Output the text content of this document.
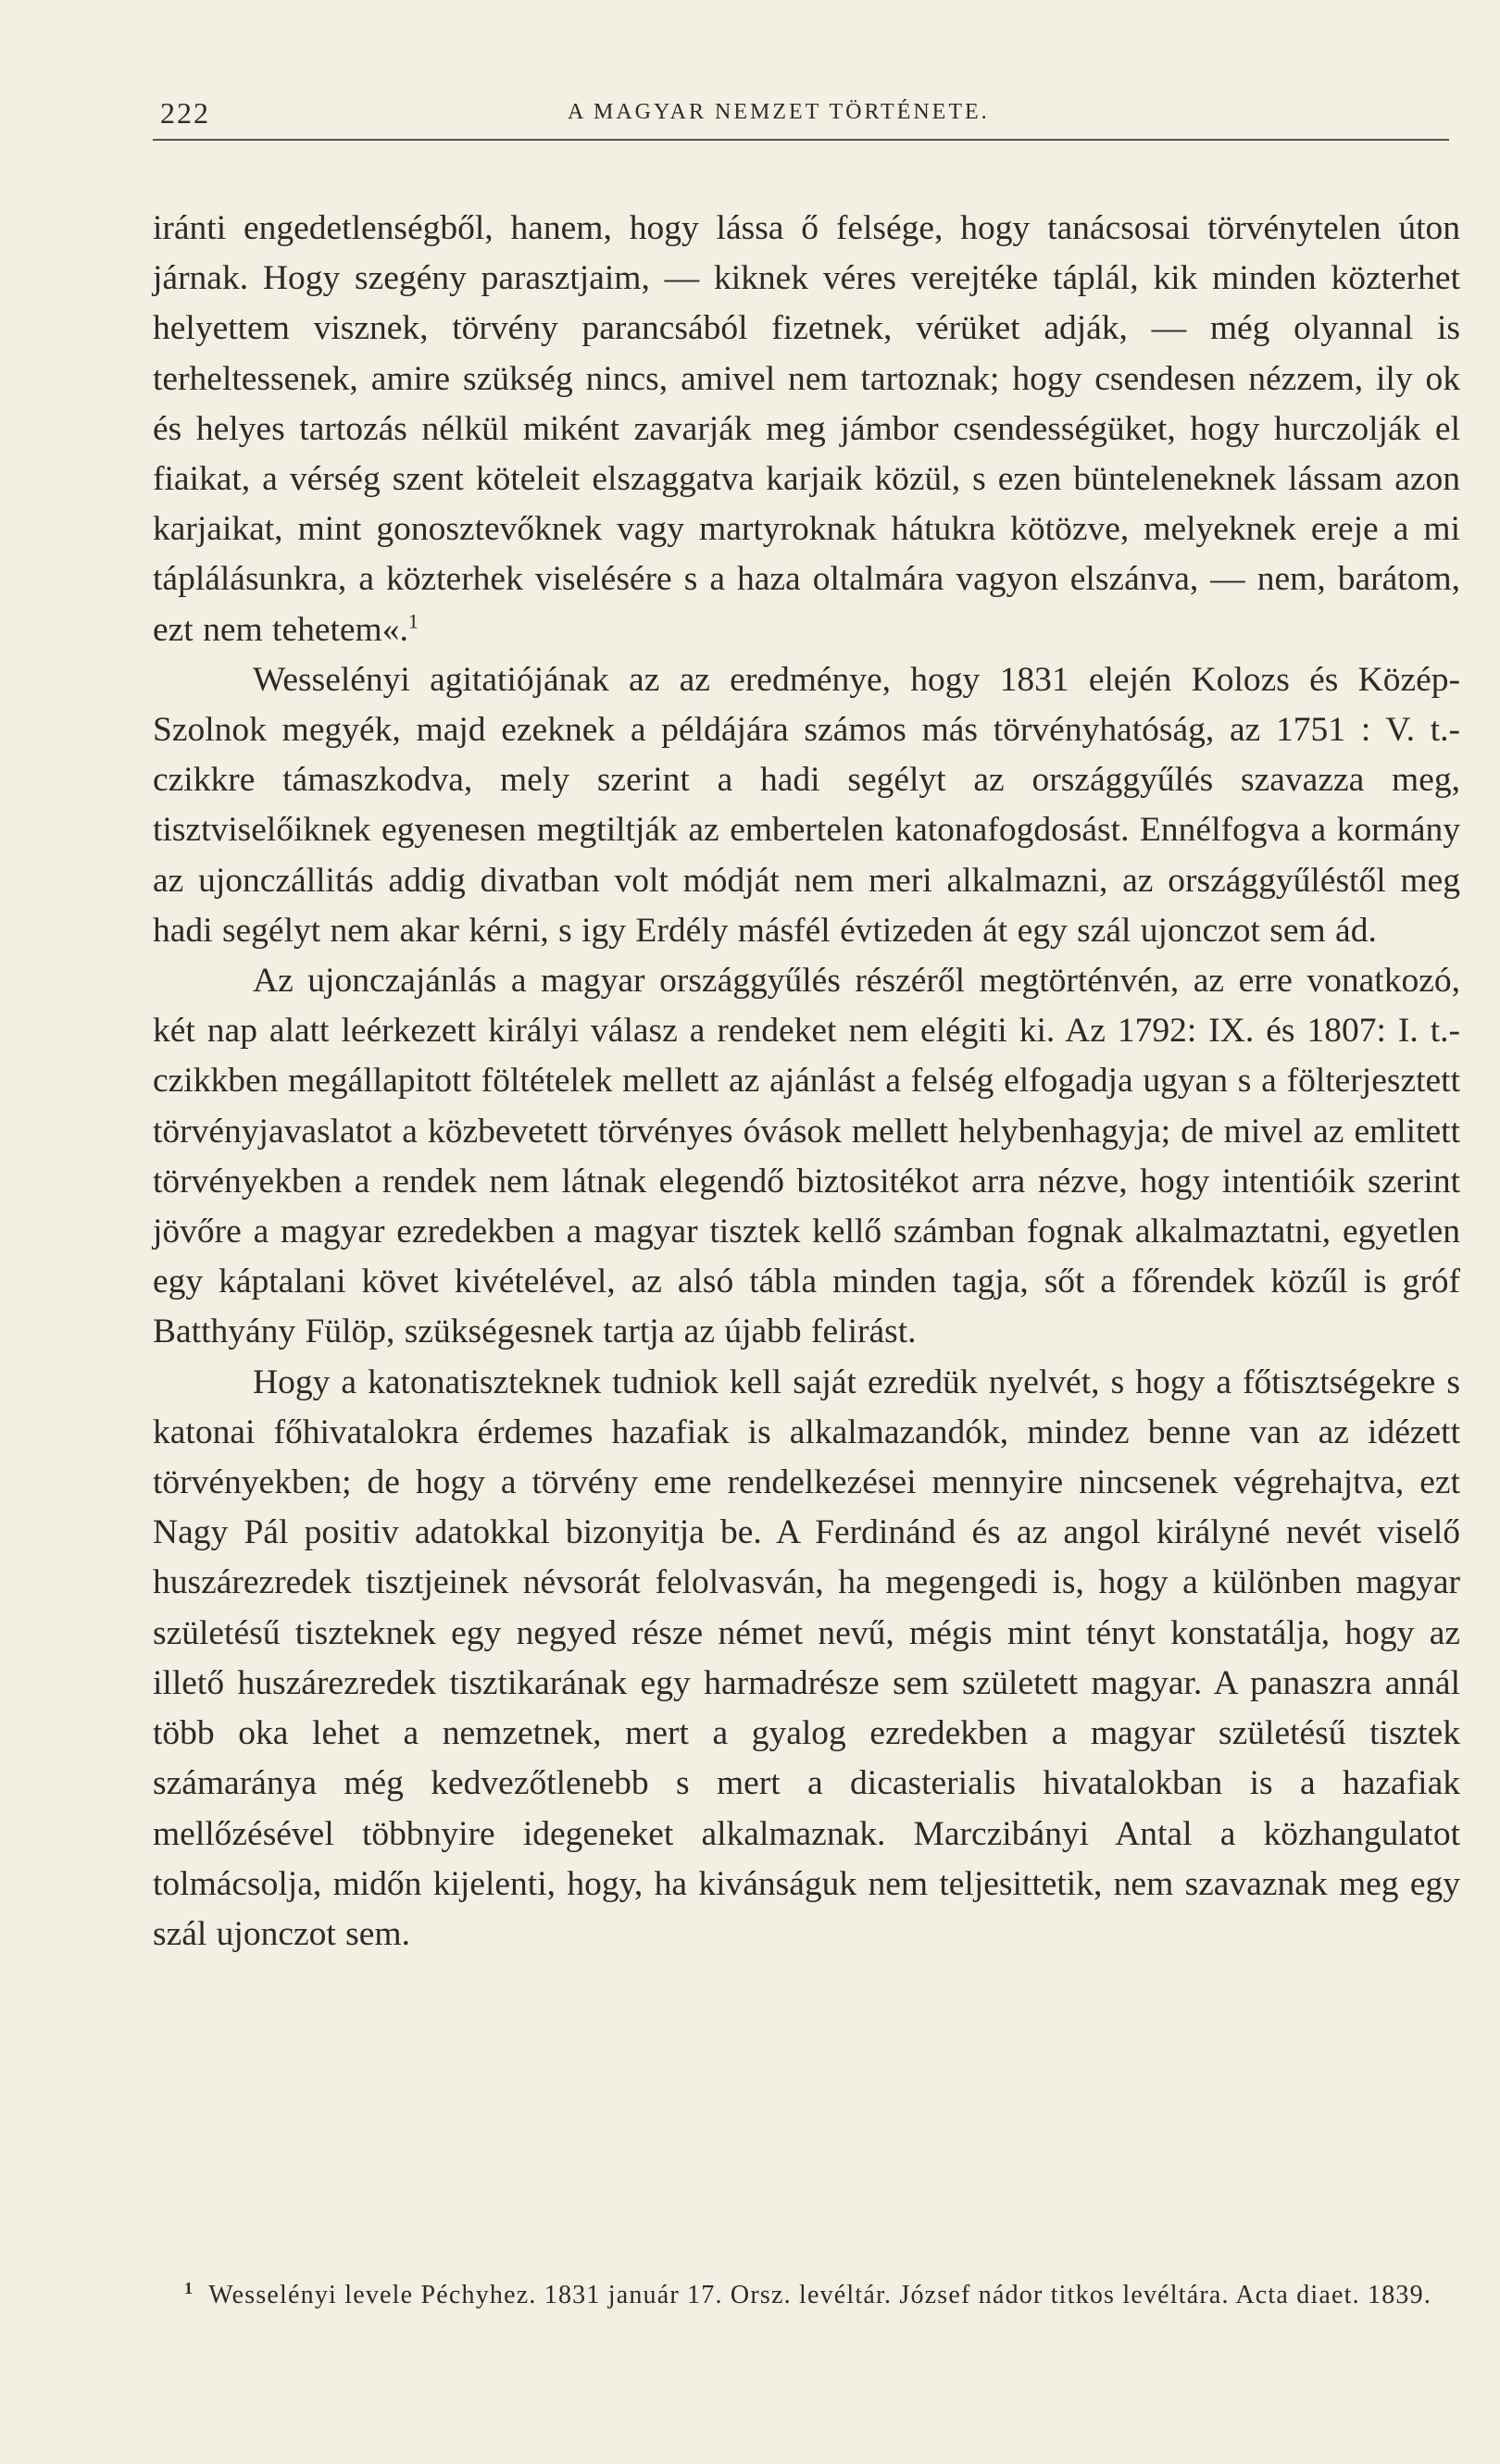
222	A MAGYAR NEMZET TÖRTÉNETE.

iránti engedetlenségből, hanem, hogy lássa ő felsége, hogy tanácsosai törvénytelen úton járnak. Hogy szegény parasztjaim, — kiknek véres verejtéke táplál, kik minden közterhet helyettem visznek, törvény parancsából fizetnek, vérüket adják, — még olyannal is terheltessenek, amire szükség nincs, amivel nem tartoznak; hogy csendesen nézzem, ily ok és helyes tartozás nélkül miként zavarják meg jámbor csendességüket, hogy hurczolják el fiaikat, a vérség szent köteleit elszaggatva karjaik közül, s ezen bünteleneknek lássam azon karjaikat, mint gonosztevőknek vagy martyroknak hátukra kötözve, melyeknek ereje a mi táplálásunkra, a közterhek viselésére s a haza oltalmára vagyon elszánva, — nem, barátom, ezt nem tehetem«.$^1$

Wesselényi agitatiójának az az eredménye, hogy 1831 elején Kolozs és Közép-Szolnok megyék, majd ezeknek a példájára számos más törvényhatóság, az 1751 : V. t.-czikkre támaszkodva, mely szerint a hadi segélyt az országgyűlés szavazza meg, tisztviselőiknek egyenesen megtiltják az embertelen katonafogdosást. Ennélfogva a kormány az ujonczállitás addig divatban volt módját nem meri alkalmazni, az országgyűléstől meg hadi segélyt nem akar kérni, s igy Erdély másfél évtizeden át egy szál ujonczot sem ád.

Az ujonczajánlás a magyar országgyűlés részéről megtörténvén, az erre vonatkozó, két nap alatt leérkezett királyi válasz a rendeket nem elégiti ki. Az 1792: IX. és 1807: I. t.-czikkben megállapitott föltételek mellett az ajánlást a felség elfogadja ugyan s a fölterjesztett törvényjavaslatot a közbevetett törvényes óvások mellett helybenhagyja; de mivel az emlitett törvényekben a rendek nem látnak elegendő biztositékot arra nézve, hogy intentióik szerint jövőre a magyar ezredekben a magyar tisztek kellő számban fognak alkalmaztatni, egyetlen egy káptalani követ kivételével, az alsó tábla minden tagja, sőt a főrendek közűl is gróf Batthyány Fülöp, szükségesnek tartja az újabb felirást.

Hogy a katonatiszteknek tudniok kell saját ezredük nyelvét, s hogy a főtisztségekre s katonai főhivatalokra érdemes hazafiak is alkalmazandók, mindez benne van az idézett törvényekben; de hogy a törvény eme rendelkezései mennyire nincsenek végrehajtva, ezt Nagy Pál positiv adatokkal bizonyitja be. A Ferdinánd és az angol királyné nevét viselő huszárezredek tisztjeinek névsorát felolvasván, ha megengedi is, hogy a különben magyar születésű tiszteknek egy negyed része német nevű, mégis mint tényt konstatálja, hogy az illető huszárezredek tisztikarának egy harmadrésze sem született magyar. A panaszra annál több oka lehet a nemzetnek, mert a gyalog ezredekben a magyar születésű tisztek számaránya még kedvezőtlenebb s mert a dicasterialis hivatalokban is a hazafiak mellőzésével többnyire idegeneket alkalmaznak. Marczibányi Antal a közhangulatot tolmácsolja, midőn kijelenti, hogy, ha kivánságuk nem teljesittetik, nem szavaznak meg egy szál ujonczot sem.

$^1$ Wesselényi levele Péchyhez. 1831 január 17. Orsz. levéltár. József nádor titkos levéltára. Acta diaet. 1839.
